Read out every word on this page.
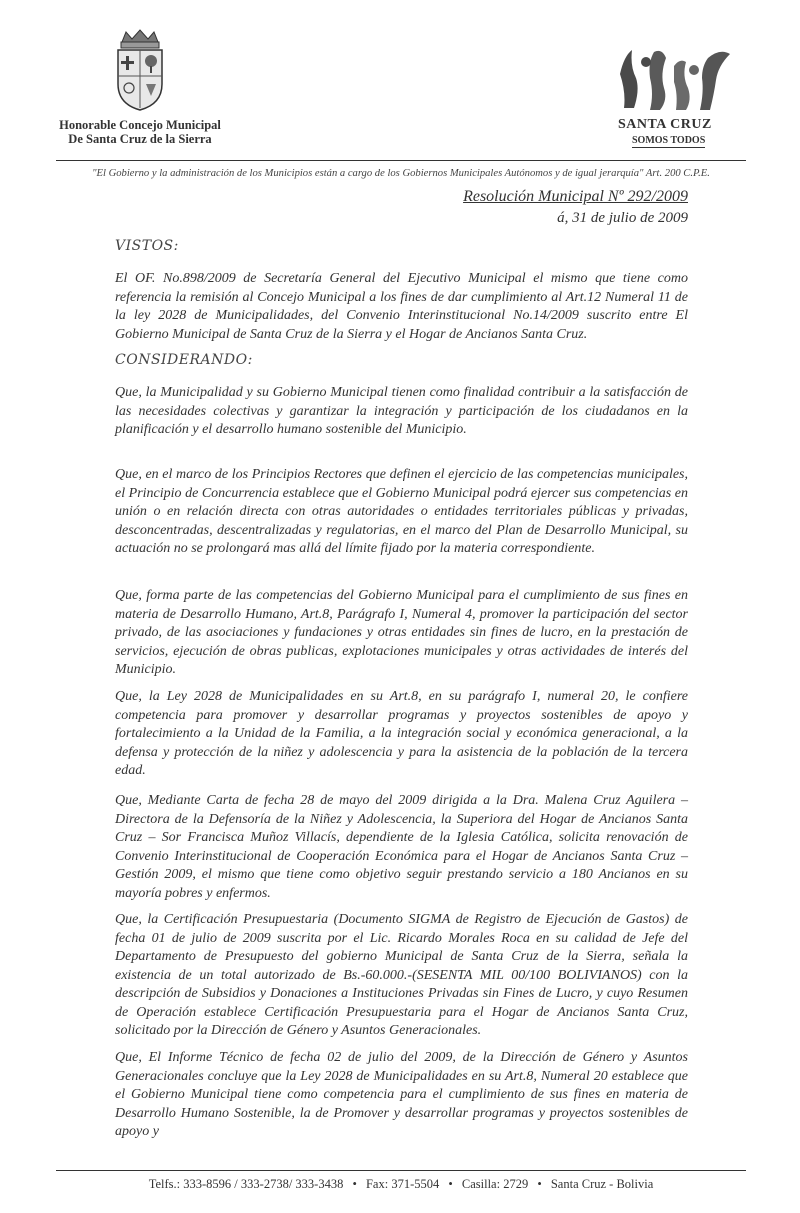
Honorable Concejo Municipal
De Santa Cruz de la Sierra
SANTA CRUZ
SOMOS TODOS
"El Gobierno y la administración de los Municipios están a cargo de los Gobiernos Municipales Autónomos y de igual jerarquía" Art. 200 C.P.E.
Resolución Municipal Nº 292/2009
á, 31 de julio de 2009
VISTOS:
El OF. No.898/2009 de Secretaría General del Ejecutivo Municipal el mismo que tiene como referencia la remisión al Concejo Municipal a los fines de dar cumplimiento al Art.12 Numeral 11 de la ley 2028 de Municipalidades, del Convenio Interinstitucional No.14/2009 suscrito entre El Gobierno Municipal de Santa Cruz de la Sierra y el Hogar de Ancianos Santa Cruz.
CONSIDERANDO:
Que, la Municipalidad y su Gobierno Municipal tienen como finalidad contribuir a la satisfacción de las necesidades colectivas y garantizar la integración y participación de los ciudadanos en la planificación y el desarrollo humano sostenible del Municipio.
Que, en el marco de los Principios Rectores que definen el ejercicio de las competencias municipales, el Principio de Concurrencia establece que el Gobierno Municipal podrá ejercer sus competencias en unión o en relación directa con otras autoridades o entidades territoriales públicas y privadas, desconcentradas, descentralizadas y regulatorias, en el marco del Plan de Desarrollo Municipal, su actuación no se prolongará mas allá del límite fijado por la materia correspondiente.
Que, forma parte de las competencias del Gobierno Municipal para el cumplimiento de sus fines en materia de Desarrollo Humano, Art.8, Parágrafo I, Numeral 4, promover la participación del sector privado, de las asociaciones y fundaciones y otras entidades sin fines de lucro, en la prestación de servicios, ejecución de obras publicas, explotaciones municipales y otras actividades de interés del Municipio.
Que, la Ley 2028 de Municipalidades en su Art.8, en su parágrafo I, numeral 20, le confiere competencia para promover y desarrollar programas y proyectos sostenibles de apoyo y fortalecimiento a la Unidad de la Familia, a la integración social y económica generacional, a la defensa y protección de la niñez y adolescencia y para la asistencia de la población de la tercera edad.
Que, Mediante Carta de fecha 28 de mayo del 2009 dirigida a la Dra. Malena Cruz Aguilera – Directora de la Defensoría de la Niñez y Adolescencia, la Superiora del Hogar de Ancianos Santa Cruz – Sor Francisca Muñoz Villacís, dependiente de la Iglesia Católica, solicita renovación de Convenio Interinstitucional de Cooperación Económica para el Hogar de Ancianos Santa Cruz – Gestión 2009, el mismo que tiene como objetivo seguir prestando servicio a 180 Ancianos en su mayoría pobres y enfermos.
Que, la Certificación Presupuestaria (Documento SIGMA de Registro de Ejecución de Gastos) de fecha 01 de julio de 2009 suscrita por el Lic. Ricardo Morales Roca en su calidad de Jefe del Departamento de Presupuesto del gobierno Municipal de Santa Cruz de la Sierra, señala la existencia de un total autorizado de Bs.-60.000.-(SESENTA MIL 00/100 BOLIVIANOS) con la descripción de Subsidios y Donaciones a Instituciones Privadas sin Fines de Lucro, y cuyo Resumen de Operación establece Certificación Presupuestaria para el Hogar de Ancianos Santa Cruz, solicitado por la Dirección de Género y Asuntos Generacionales.
Que, El Informe Técnico de fecha 02 de julio del 2009, de la Dirección de Género y Asuntos Generacionales concluye que la Ley 2028 de Municipalidades en su Art.8, Numeral 20 establece que el Gobierno Municipal tiene como competencia para el cumplimiento de sus fines en materia de Desarrollo Humano Sostenible, la de Promover y desarrollar programas y proyectos sostenibles de apoyo y
Telfs.: 333-8596 / 333-2738/ 333-3438 • Fax: 371-5504 • Casilla: 2729 • Santa Cruz - Bolivia
